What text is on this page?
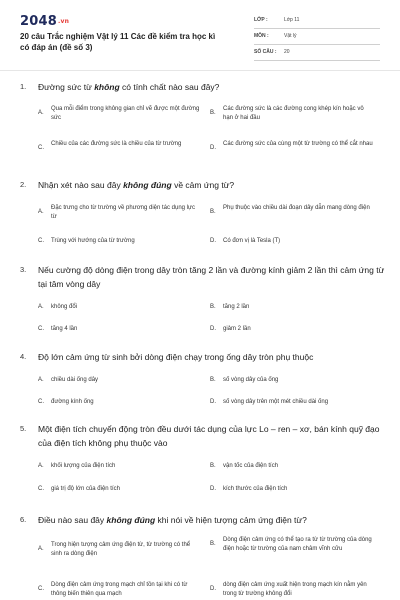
2048.vn
20 câu Trắc nghiệm Vật lý 11 Các đề kiểm tra học kì có đáp án (đề số 3)
LỚP :	Lớp 11
MÔN :	Vật lý
SỐ CÂU : 20
1. Đường sức từ không có tính chất nào sau đây?
A.
Qua mỗi điểm trong không gian chỉ vẽ được một đường sức
B.
Các đường sức là các đường cong khép kín hoặc vô hạn ở hai đầu
C.
Chiều của các đường sức là chiều của từ trường
D.
Các đường sức của cùng một từ trường có thể cắt nhau
2. Nhận xét nào sau đây không đúng về cảm ứng từ?
A.
Đặc trưng cho từ trường về phương diện tác dụng lực từ
B.
Phụ thuộc vào chiều dài đoạn dây dẫn mang dòng điện
C. Trùng với hướng của từ trường	D. Có đơn vị là Tesla (T)
3. Nếu cường độ dòng điện trong dây tròn tăng 2 lần và đường kính giảm 2 lần thì cảm ứng từ tại tâm vòng dây
A. không đổi	B. tăng 2 lần
C. tăng 4 lần	D. giảm 2 lần
4. Độ lớn cảm ứng từ sinh bởi dòng điện chạy trong ống dây tròn phụ thuộc
A. chiều dài ống dây	B. số vòng dây của ống
C. đường kính ống	D. số vòng dây trên một mét chiều dài ống
5. Một điện tích chuyển động tròn đều dưới tác dụng của lực Lo – ren – xơ, bán kính quỹ đạo của điện tích không phụ thuộc vào
A. khối lượng của điện tích	B. vận tốc của điện tích
C. giá trị độ lớn của điện tích	D. kích thước của điện tích
6. Điều nào sau đây không đúng khi nói về hiện tượng cảm ứng điện từ?
A.
Trong hiện tượng cảm ứng điện từ, từ trường có thể sinh ra dòng điện
B.
Dòng điện cảm ứng có thể tạo ra từ từ trường của dòng điện hoặc từ trường của nam châm vĩnh cửu
C.
Dòng điện cảm ứng trong mạch chỉ tồn tại khi có từ thông biến thiên qua mạch
D.
dòng điện cảm ứng xuất hiện trong mạch kín nằm yên trong từ trường không đổi
